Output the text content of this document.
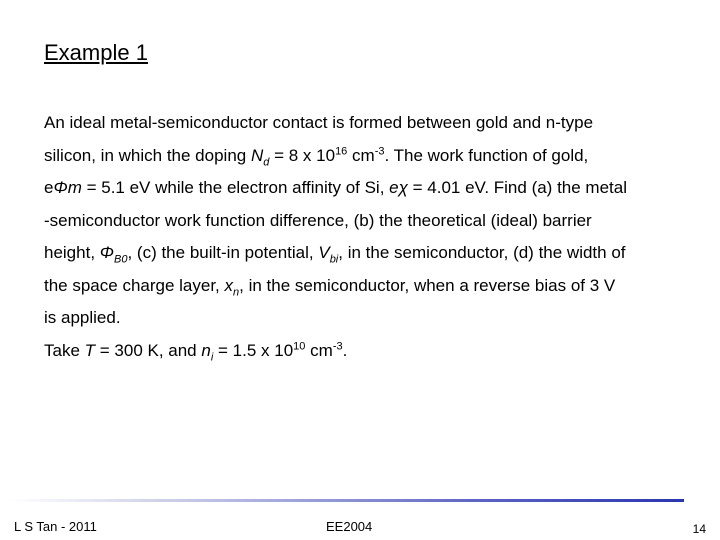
Example 1

An ideal metal-semiconductor contact is formed between gold and n-type

silicon, in which the doping $N_d = 8$ x $10^{16}$ $cm^{-3}$. The work function of gold,

eΦm = 5.1 eV while the electron affinity of Si, eχ = 4.01 eV. Find (a) the metal

-semiconductor work function difference, (b) the theoretical (ideal) barrier

height, $\Phi_{B0}$, (c) the built-in potential, $V_{bi}$, in the semiconductor, (d) the width of

the space charge layer, $x_n$, in the semiconductor, when a reverse bias of 3 V

is applied.

Take T = 300 K, and $n_i = 1.5$ x $10^{10}$ $cm^{-3}$.

L S Tan - 2011	EE2004	14
